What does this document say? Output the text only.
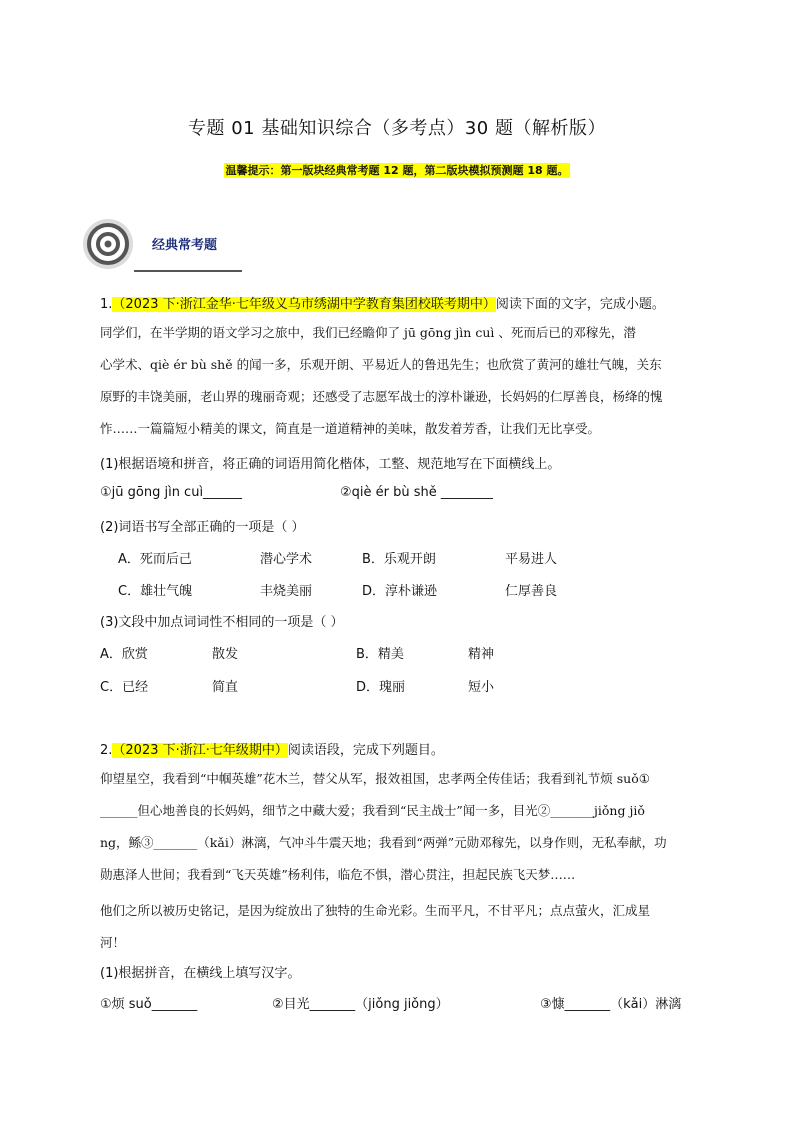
专题 01 基础知识综合（多考点）30 题（解析版）
温馨提示：第一版块经典常考题 12 题，第二版块模拟预测题 18 题。
经典常考题
1.（2023 下·浙江金华·七年级义乌市绣湖中学教育集团校联考期中）阅读下面的文字，完成小题。
同学们，在半学期的语文学习之旅中，我们已经瞻仰了 jū gōng jìn cuì 、死而后已的邓稼先，潜
心学术、qiè ér bù shě 的闻一多，乐观开朗、平易近人的鲁迅先生；也欣赏了黄河的雄壮气魄，关东
原野的丰饶美丽，老山界的瑰丽奇观；还感受了志愿军战士的淳朴谦逊，长妈妈的仁厚善良，杨绛的愧
怍……一篇篇短小精美的课文，简直是一道道精神的美味，散发着芳香，让我们无比享受。
(1)根据语境和拼音，将正确的词语用简化楷体，工整、规范地写在下面横线上。
①jū gōng jìn cuì______	②qiè ér bù shě ________
(2)词语书写全部正确的一项是（ ）
A．死而后己	潜心学术	B．乐观开朗	平易进人
C．雄壮气魄	丰烧美丽	D．淳朴谦逊	仁厚善良
(3)文段中加点词词性不相同的一项是（ ）
A．欣赏	散发	B．精美	精神
C．已经	简直	D．瑰丽	短小
2.（2023 下·浙江·七年级期中）阅读语段，完成下列题目。
仰望星空，我看到“中帼英雄”花木兰，替父从军，报效祖国，忠孝两全传佳话；我看到礼节烦 suǒ①
______但心地善良的长妈妈，细节之中藏大爱；我看到“民主战士”闻一多，目光②_______jiǒng jiǒ
ng，鲧③_______（kǎi）淋漓，气冲斗牛震天地；我看到“两弹”元勋邓稼先，以身作则，无私奉献，功
勋惠泽人世间；我看到“飞天英雄”杨利伟，临危不惧，潜心贯注，担起民族飞天梦……
他们之所以被历史铭记，是因为绽放出了独特的生命光彩。生而平凡，不甘平凡；点点萤火，汇成星
河！
(1)根据拼音，在横线上填写汉字。
①烦 suǒ_______	②目光_______（jiǒng jiǒng）	③慷_______（kǎi）淋漓
